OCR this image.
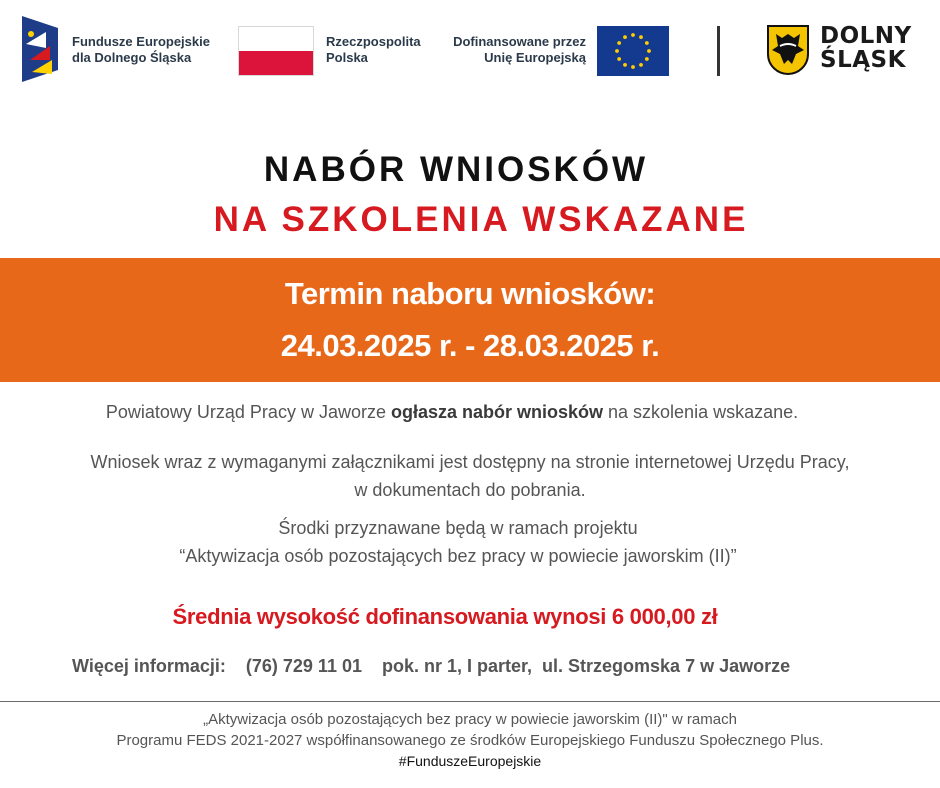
Fundusze Europejskie
dla Dolnego Śląska
Rzeczpospolita
Polska
Dofinansowane przez
Unię Europejską
DOLNY
ŚLĄSK
NABÓR WNIOSKÓW
NA SZKOLENIA WSKAZANE
Termin naboru wniosków:
24.03.2025 r. - 28.03.2025 r.
Powiatowy Urząd Pracy w Jaworze ogłasza nabór wniosków na szkolenia wskazane.
Wniosek wraz z wymaganymi załącznikami jest dostępny na stronie internetowej Urzędu Pracy,
w dokumentach do pobrania.
Środki przyznawane będą w ramach projektu
“Aktywizacja osób pozostających bez pracy w powiecie jaworskim (II)”
Średnia wysokość dofinansowania wynosi 6 000,00 zł
Więcej informacji:    (76) 729 11 01    pok. nr 1, I parter,  ul. Strzegomska 7 w Jaworze
„Aktywizacja osób pozostających bez pracy w powiecie jaworskim (II)" w ramach
Programu FEDS 2021-2027 współfinansowanego ze środków Europejskiego Funduszu Społecznego Plus.
#FunduszeEuropejskie
